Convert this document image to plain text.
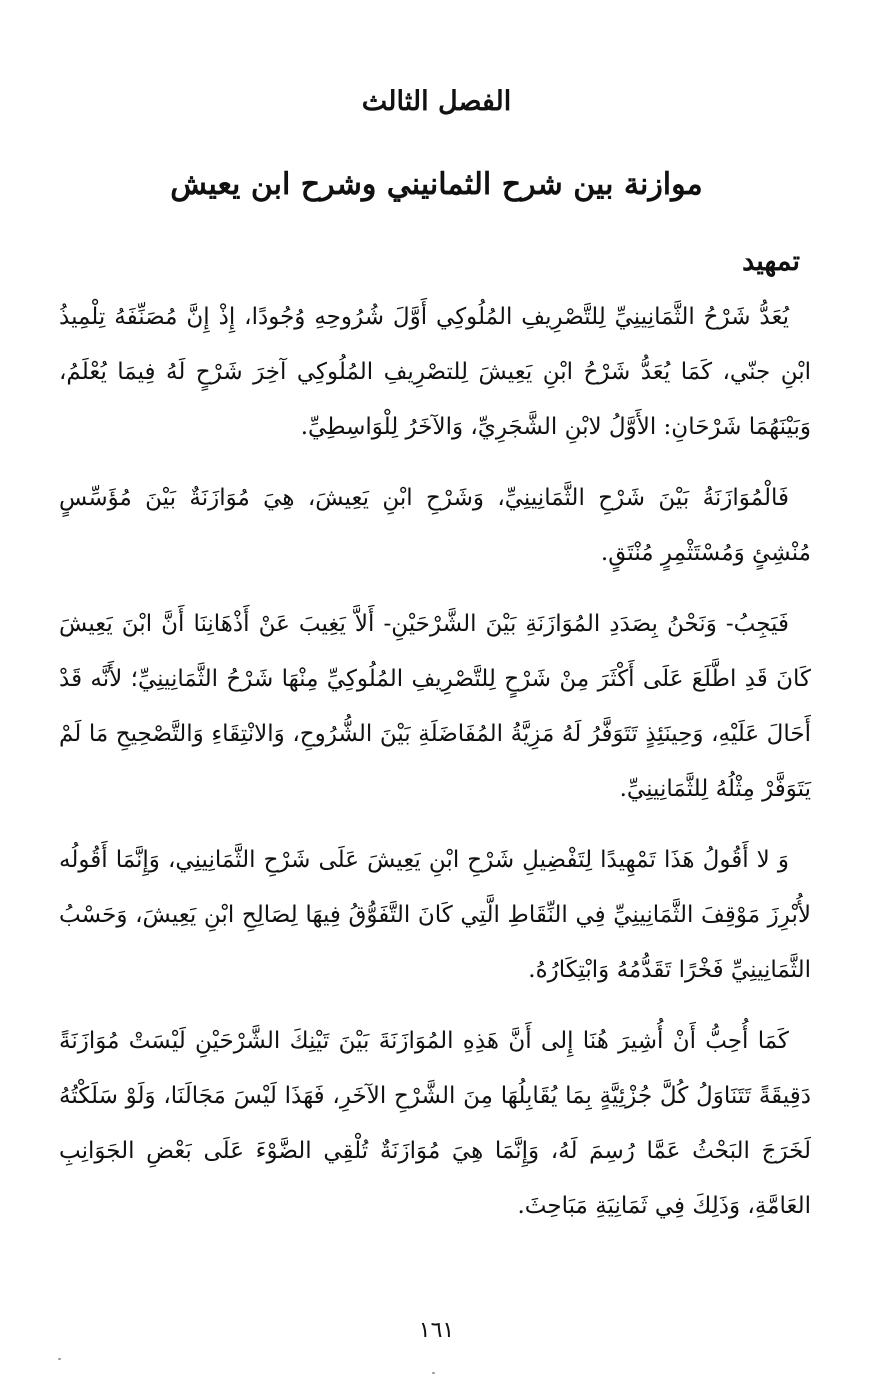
الفصل الثالث
موازنة بين شرح الثمانيني وشرح ابن يعيش
تمهيد

يُعَدُّ شَرْحُ الثَّمَانِينِيِّ لِلتَّصْرِيفِ المُلُوكِي أَوَّلَ شُرُوحِهِ وُجُودًا، إِذْ إِنَّ مُصَنِّفَهُ تِلْمِيذُ ابْنِ جنّي، كَمَا يُعَدُّ شَرْحُ ابْنِ يَعِيشَ لِلتصْرِيفِ المُلُوكِي آخِرَ شَرْحٍ لَهُ فِيمَا يُعْلَمُ، وَبَيْنَهُمَا شَرْحَانِ: الأَوَّلُ لابْنِ الشَّجَرِيِّ، وَالآخَرُ لِلْوَاسِطِيِّ.

فَالْمُوَازَنَةُ بَيْنَ شَرْحِ الثَّمَانِينِيِّ، وَشَرْحِ ابْنِ يَعِيشَ، هِيَ مُوَازَنَةٌ بَيْنَ مُؤَسِّسٍ مُنْشِئٍ وَمُسْتَثْمِرٍ مُنْتَقٍ.

فَيَجِبُ- وَنَحْنُ بِصَدَدِ المُوَازَنَةِ بَيْنَ الشَّرْحَيْنِ- أَلاَّ يَغِيبَ عَنْ أَذْهَانِنَا أَنَّ ابْنَ يَعِيشَ كَانَ قَدِ اطَّلَعَ عَلَى أَكْثَرَ مِنْ شَرْحٍ لِلتَّصْرِيفِ المُلُوكِيِّ مِنْهَا شَرْحُ الثَّمَانِينِيِّ؛ لأَنَّه قَدْ أَحَالَ عَلَيْهِ، وَحِينَئِذٍ تَتَوَفَّرُ لَهُ مَزِيَّةُ المُفَاضَلَةِ بَيْنَ الشُّرُوحِ، وَالانْتِقَاءِ وَالتَّصْحِيحِ مَا لَمْ يَتَوَفَّرْ مِثْلُهُ لِلثَّمَانِينِيِّ.

وَ لا أَقُولُ هَذَا تَمْهِيدًا لِتَفْضِيلِ شَرْحِ ابْنِ يَعِيشَ عَلَى شَرْحِ الثَّمَانِينِي، وَإِنَّمَا أَقُولُه لأُبْرِزَ مَوْقِفَ الثَّمَانِينِيِّ فِي النِّقَاطِ الَّتِي كَانَ التَّفَوُّقُ فِيهَا لِصَالِحِ ابْنِ يَعِيشَ، وَحَسْبُ الثَّمَانِينِيِّ فَخْرًا تَقَدُّمُهُ وَابْتِكَارُهُ.

كَمَا أُحِبُّ أَنْ أُشِيرَ هُنَا إِلى أَنَّ هَذِهِ المُوَازَنَةَ بَيْنَ تَيْنِكَ الشَّرْحَيْنِ لَيْسَتْ مُوَازَنَةً دَقِيقَةً تَتَنَاوَلُ كُلَّ جُزْئِيَّةٍ بِمَا يُقَابِلُهَا مِنَ الشَّرْحِ الآخَرِ، فَهَذَا لَيْسَ مَجَالَنَا، وَلَوْ سَلَكْتُهُ لَخَرَجَ البَحْثُ عَمَّا رُسِمَ لَهُ، وَإِنَّمَا هِيَ مُوَازَنَةٌ تُلْقِي الضَّوْءَ عَلَى بَعْضِ الجَوَانِبِ العَامَّةِ، وَذَلِكَ فِي ثَمَانِيَةِ مَبَاحِثَ.

١٦١
